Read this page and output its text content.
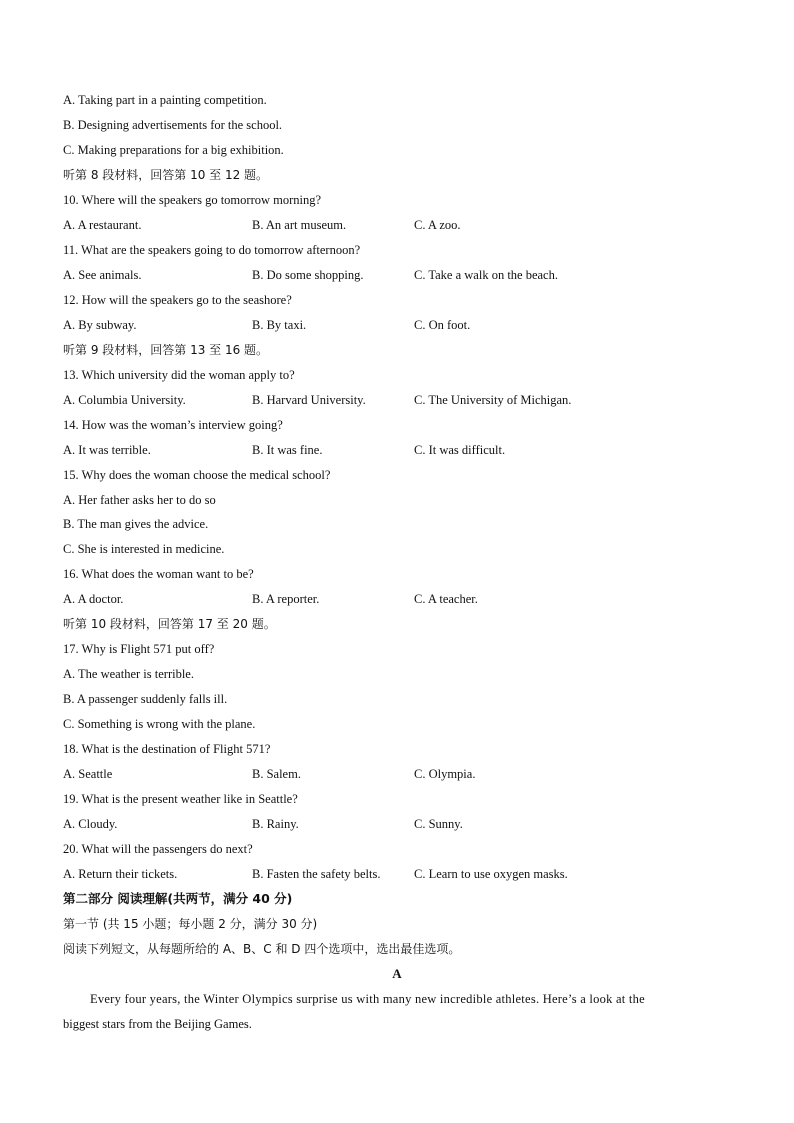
A. Taking part in a painting competition.
B. Designing advertisements for the school.
C. Making preparations for a big exhibition.
听第 8 段材料，回答第 10 至 12 题。
10. Where will the speakers go tomorrow morning?
A. A restaurant.	B. An art museum.	C. A zoo.
11. What are the speakers going to do tomorrow afternoon?
A. See animals.	B. Do some shopping.	C. Take a walk on the beach.
12. How will the speakers go to the seashore?
A. By subway.	B. By taxi.	C. On foot.
听第 9 段材料，回答第 13 至 16 题。
13. Which university did the woman apply to?
A. Columbia University.	B. Harvard University.	C. The University of Michigan.
14. How was the woman’s interview going?
A. It was terrible.	B. It was fine.	C. It was difficult.
15. Why does the woman choose the medical school?
A. Her father asks her to do so
B. The man gives the advice.
C. She is interested in medicine.
16. What does the woman want to be?
A. A doctor.	B. A reporter.	C. A teacher.
听第 10 段材料，回答第 17 至 20 题。
17. Why is Flight 571 put off?
A. The weather is terrible.
B. A passenger suddenly falls ill.
C. Something is wrong with the plane.
18. What is the destination of Flight 571?
A. Seattle	B. Salem.	C. Olympia.
19. What is the present weather like in Seattle?
A. Cloudy.	B. Rainy.	C. Sunny.
20. What will the passengers do next?
A. Return their tickets.	B. Fasten the safety belts.	C. Learn to use oxygen masks.
第二部分 阅读理解(共两节，满分 40 分)
第一节 (共 15 小题；每小题 2 分，满分 30 分)
阅读下列短文，从每题所给的 A、B、C 和 D 四个选项中，选出最佳选项。
A
Every four years, the Winter Olympics surprise us with many new incredible athletes. Here’s a look at the
biggest stars from the Beijing Games.
